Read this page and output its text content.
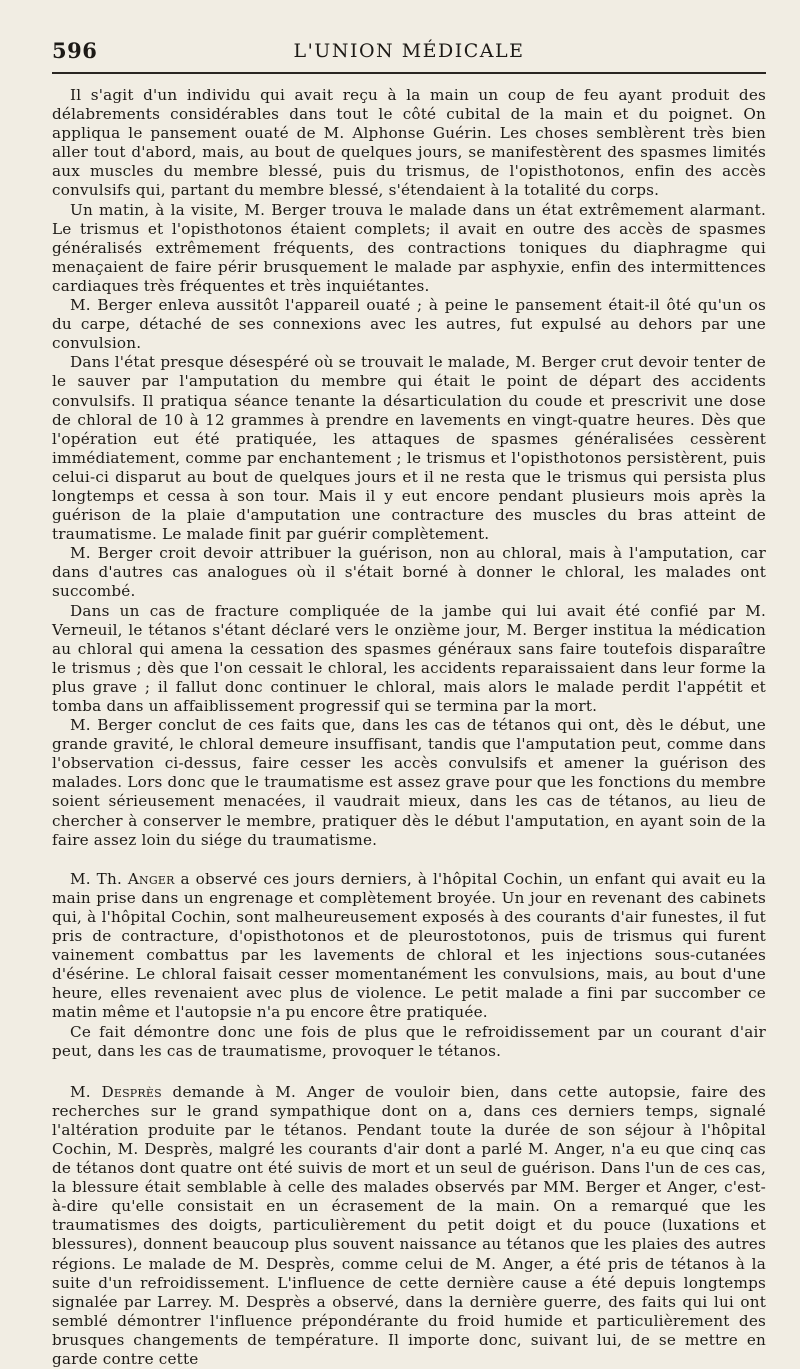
596	L'UNION MÉDICALE

Il s'agit d'un individu qui avait reçu à la main un coup de feu ayant produit des délabrements considérables dans tout le côté cubital de la main et du poignet. On appliqua le pansement ouaté de M. Alphonse Guérin. Les choses semblèrent très bien aller tout d'abord, mais, au bout de quelques jours, se manifestèrent des spasmes limités aux muscles du membre blessé, puis du trismus, de l'opisthotonos, enfin des accès convulsifs qui, partant du membre blessé, s'étendaient à la totalité du corps.

Un matin, à la visite, M. Berger trouva le malade dans un état extrêmement alarmant. Le trismus et l'opisthotonos étaient complets; il avait en outre des accès de spasmes généralisés extrêmement fréquents, des contractions toniques du diaphragme qui menaçaient de faire périr brusquement le malade par asphyxie, enfin des intermittences cardiaques très fréquentes et très inquiétantes.

M. Berger enleva aussitôt l'appareil ouaté ; à peine le pansement était-il ôté qu'un os du carpe, détaché de ses connexions avec les autres, fut expulsé au dehors par une convulsion.

Dans l'état presque désespéré où se trouvait le malade, M. Berger crut devoir tenter de le sauver par l'amputation du membre qui était le point de départ des accidents convulsifs. Il pratiqua séance tenante la désarticulation du coude et prescrivit une dose de chloral de 10 à 12 grammes à prendre en lavements en vingt-quatre heures. Dès que l'opération eut été pratiquée, les attaques de spasmes généralisées cessèrent immédiatement, comme par enchantement ; le trismus et l'opisthotonos persistèrent, puis celui-ci disparut au bout de quelques jours et il ne resta que le trismus qui persista plus longtemps et cessa à son tour. Mais il y eut encore pendant plusieurs mois après la guérison de la plaie d'amputation une contracture des muscles du bras atteint de traumatisme. Le malade finit par guérir complètement.

M. Berger croit devoir attribuer la guérison, non au chloral, mais à l'amputation, car dans d'autres cas analogues où il s'était borné à donner le chloral, les malades ont succombé.

Dans un cas de fracture compliquée de la jambe qui lui avait été confié par M. Verneuil, le tétanos s'étant déclaré vers le onzième jour, M. Berger institua la médication au chloral qui amena la cessation des spasmes généraux sans faire toutefois disparaître le trismus ; dès que l'on cessait le chloral, les accidents reparaissaient dans leur forme la plus grave ; il fallut donc continuer le chloral, mais alors le malade perdit l'appétit et tomba dans un affaiblissement progressif qui se termina par la mort.

M. Berger conclut de ces faits que, dans les cas de tétanos qui ont, dès le début, une grande gravité, le chloral demeure insuffisant, tandis que l'amputation peut, comme dans l'observation ci-dessus, faire cesser les accès convulsifs et amener la guérison des malades. Lors donc que le traumatisme est assez grave pour que les fonctions du membre soient sérieusement menacées, il vaudrait mieux, dans les cas de tétanos, au lieu de chercher à conserver le membre, pratiquer dès le début l'amputation, en ayant soin de la faire assez loin du siége du traumatisme.

M. Th. Anger a observé ces jours derniers, à l'hôpital Cochin, un enfant qui avait eu la main prise dans un engrenage et complètement broyée. Un jour en revenant des cabinets qui, à l'hôpital Cochin, sont malheureusement exposés à des courants d'air funestes, il fut pris de contracture, d'opisthotonos et de pleurostotonos, puis de trismus qui furent vainement combattus par les lavements de chloral et les injections sous-cutanées d'ésérine. Le chloral faisait cesser momentanément les convulsions, mais, au bout d'une heure, elles revenaient avec plus de violence. Le petit malade a fini par succomber ce matin même et l'autopsie n'a pu encore être pratiquée.

Ce fait démontre donc une fois de plus que le refroidissement par un courant d'air peut, dans les cas de traumatisme, provoquer le tétanos.

M. Desprès demande à M. Anger de vouloir bien, dans cette autopsie, faire des recherches sur le grand sympathique dont on a, dans ces derniers temps, signalé l'altération produite par le tétanos. Pendant toute la durée de son séjour à l'hôpital Cochin, M. Desprès, malgré les courants d'air dont a parlé M. Anger, n'a eu que cinq cas de tétanos dont quatre ont été suivis de mort et un seul de guérison. Dans l'un de ces cas, la blessure était semblable à celle des malades observés par MM. Berger et Anger, c'est-à-dire qu'elle consistait en un écrasement de la main. On a remarqué que les traumatismes des doigts, particulièrement du petit doigt et du pouce (luxations et blessures), donnent beaucoup plus souvent naissance au tétanos que les plaies des autres régions. Le malade de M. Desprès, comme celui de M. Anger, a été pris de tétanos à la suite d'un refroidissement. L'influence de cette dernière cause a été depuis longtemps signalée par Larrey. M. Desprès a observé, dans la dernière guerre, des faits qui lui ont semblé démontrer l'influence prépondérante du froid humide et particulièrement des brusques changements de température. Il importe donc, suivant lui, de se mettre en garde contre cette
